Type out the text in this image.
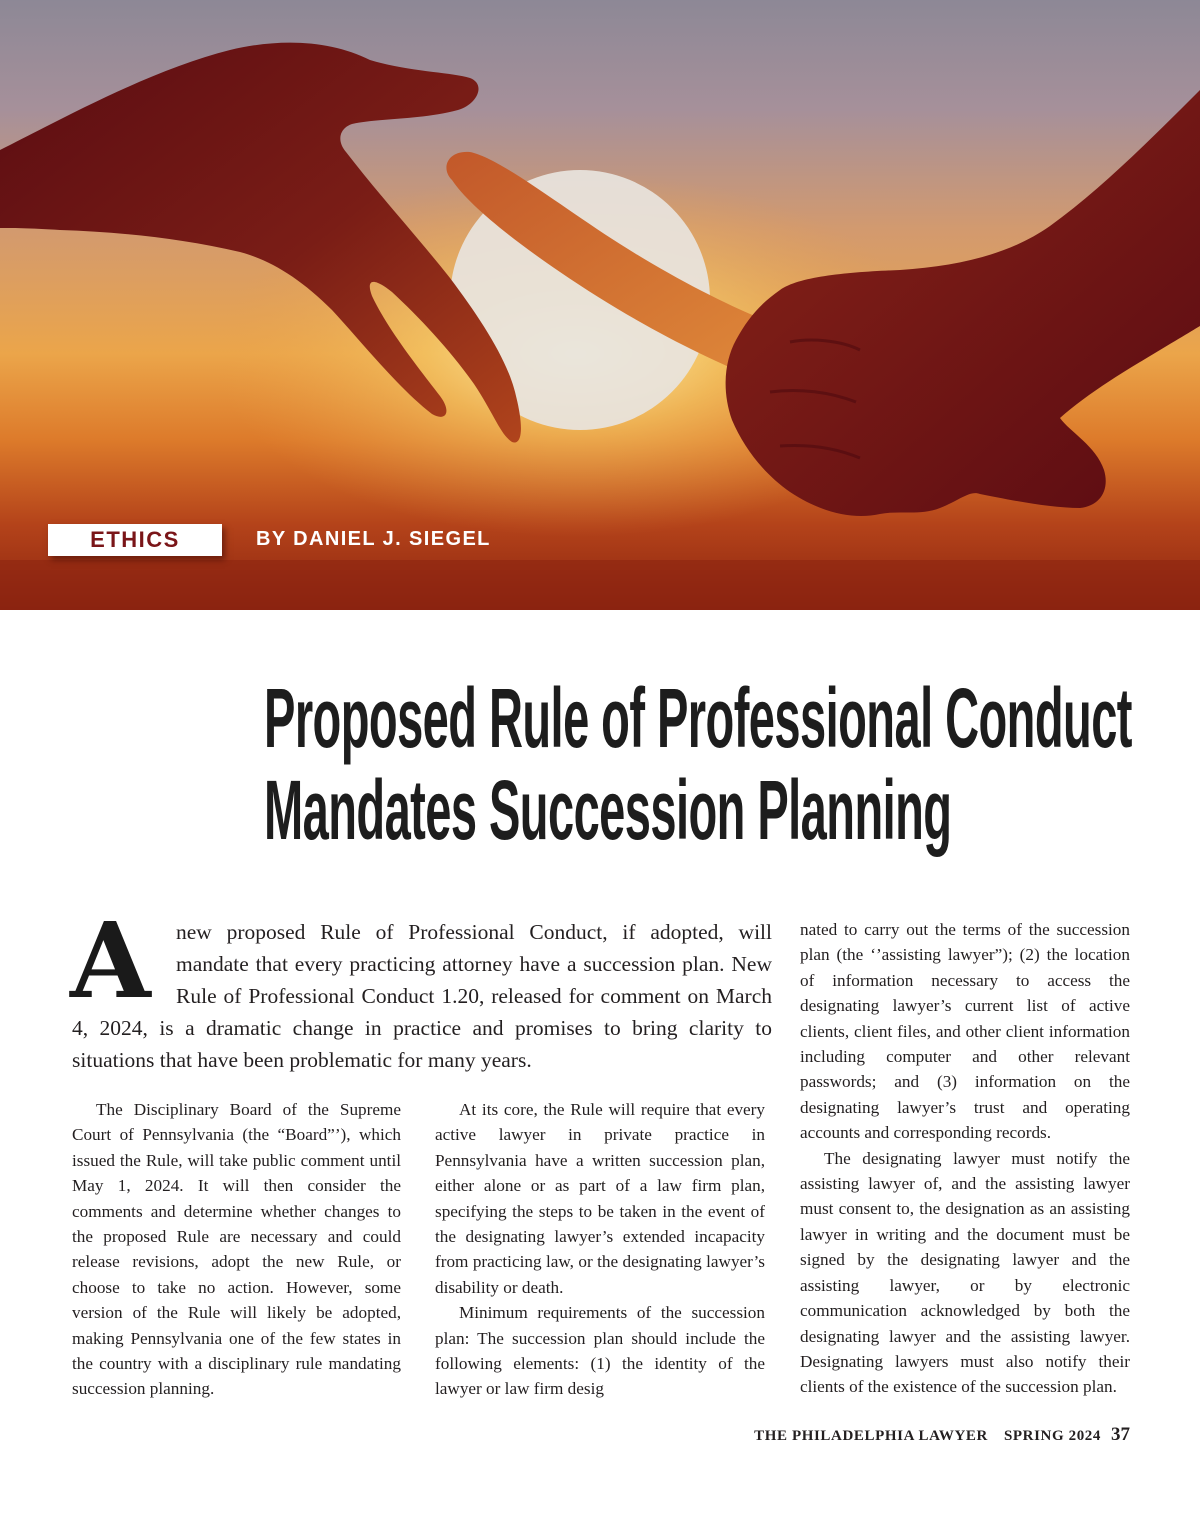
ETHICS	BY DANIEL J. SIEGEL
Proposed Rule of Professional Conduct
Mandates Succession Planning
A	new proposed Rule of Professional Conduct, if adopted, will mandate that every practicing attorney have a succession plan. New Rule of Professional Conduct 1.20, released for comment on March 4, 2024, is a dramatic change in practice and promises to bring clarity to situations that have been problematic for many years.

The Disciplinary Board of the Supreme Court of Pennsylvania (the “Board”’), which issued the Rule, will take public comment until May 1, 2024. It will then consider the comments and determine whether changes to the proposed Rule are necessary and could release revisions, adopt the new Rule, or choose to take no action. However, some version of the Rule will likely be adopted, making Pennsylvania one of the few states in the country with a disciplinary rule mandating succession planning.

At its core, the Rule will require that every active lawyer in private practice in Pennsylvania have a written succession plan, either alone or as part of a law firm plan, specifying the steps to be taken in the event of the designating lawyer’s extended incapacity from practicing law, or the designating lawyer’s disability or death.

Minimum requirements of the succession plan: The succession plan should include the following elements: (1) the identity of the lawyer or law firm desig

nated to carry out the terms of the succession plan (the ‘’assisting lawyer”); (2) the location of information necessary to access the designating lawyer’s current list of active clients, client files, and other client information including computer and other relevant passwords; and (3) information on the designating lawyer’s trust and operating accounts and corresponding records.

The designating lawyer must notify the assisting lawyer of, and the assisting lawyer must consent to, the designation as an assisting lawyer in writing and the document must be signed by the designating lawyer and the assisting lawyer, or by electronic communication acknowledged by both the designating lawyer and the assisting lawyer. Designating lawyers must also notify their clients of the existence of the succession plan.

THE PHILADELPHIA LAWYER SPRING 2024 37
